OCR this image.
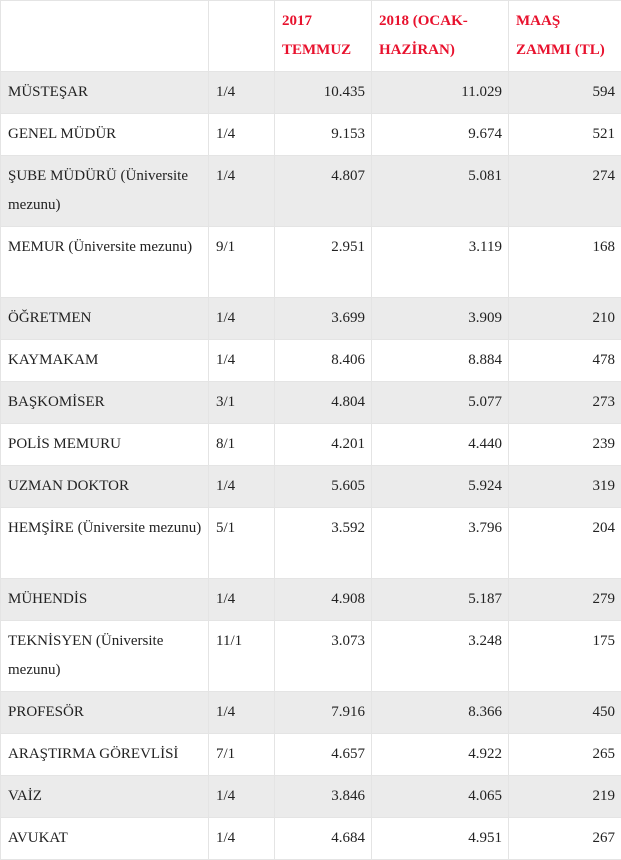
		2017 TEMMUZ	2018 (OCAK-HAZİRAN)	MAAŞ ZAMMI (TL)
MÜSTEŞAR	1/4	10.435	11.029	594
GENEL MÜDÜR	1/4	9.153	9.674	521
ŞUBE MÜDÜRÜ (Üniversite mezunu)	1/4	4.807	5.081	274
MEMUR (Üniversite mezunu)	9/1	2.951	3.119	168
ÖĞRETMEN	1/4	3.699	3.909	210
KAYMAKAM	1/4	8.406	8.884	478
BAŞKOMİSER	3/1	4.804	5.077	273
POLİS MEMURU	8/1	4.201	4.440	239
UZMAN DOKTOR	1/4	5.605	5.924	319
HEMŞİRE (Üniversite mezunu)	5/1	3.592	3.796	204
MÜHENDİS	1/4	4.908	5.187	279
TEKNİSYEN (Üniversite mezunu)	11/1	3.073	3.248	175
PROFESÖR	1/4	7.916	8.366	450
ARAŞTIRMA GÖREVLİSİ	7/1	4.657	4.922	265
VAİZ	1/4	3.846	4.065	219
AVUKAT	1/4	4.684	4.951	267
